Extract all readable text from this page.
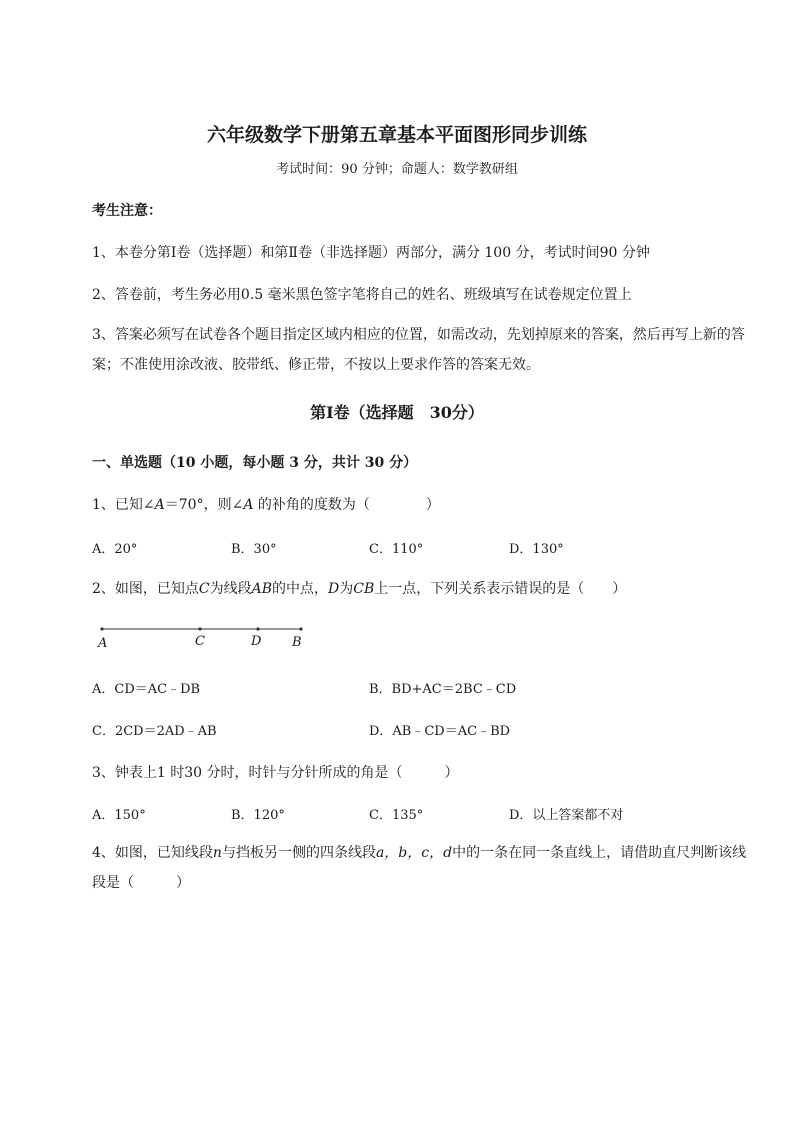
六年级数学下册第五章基本平面图形同步训练
考试时间：90 分钟；命题人：数学教研组
考生注意：
1、本卷分第Ⅰ卷（选择题）和第Ⅱ卷（非选择题）两部分，满分 100 分，考试时间90 分钟
2、答卷前，考生务必用0.5 毫米黑色签字笔将自己的姓名、班级填写在试卷规定位置上
3、答案必须写在试卷各个题目指定区域内相应的位置，如需改动，先划掉原来的答案，然后再写上新的答案；不准使用涂改液、胶带纸、修正带，不按以上要求作答的答案无效。
第Ⅰ卷（选择题　30分）
一、单选题（10 小题，每小题 3 分，共计 30 分）
1、已知∠A＝70°，则∠A 的补角的度数为（　　　　）
A．20°	B．30°	C．110°	D．130°
2、如图，已知点C为线段AB的中点，D为CB上一点，下列关系表示错误的是（　　）
A	C	D B
A．CD＝AC﹣DB	B．BD+AC＝2BC﹣CD
C．2CD＝2AD﹣AB	D．AB﹣CD＝AC﹣BD
3、钟表上1 时30 分时，时针与分针所成的角是（　　　）
A．150°	B．120°	C．135°	D．以上答案都不对
4、如图，已知线段n与挡板另一侧的四条线段a，b，c，d中的一条在同一条直线上，请借助直尺判断该线段是（　　　）
